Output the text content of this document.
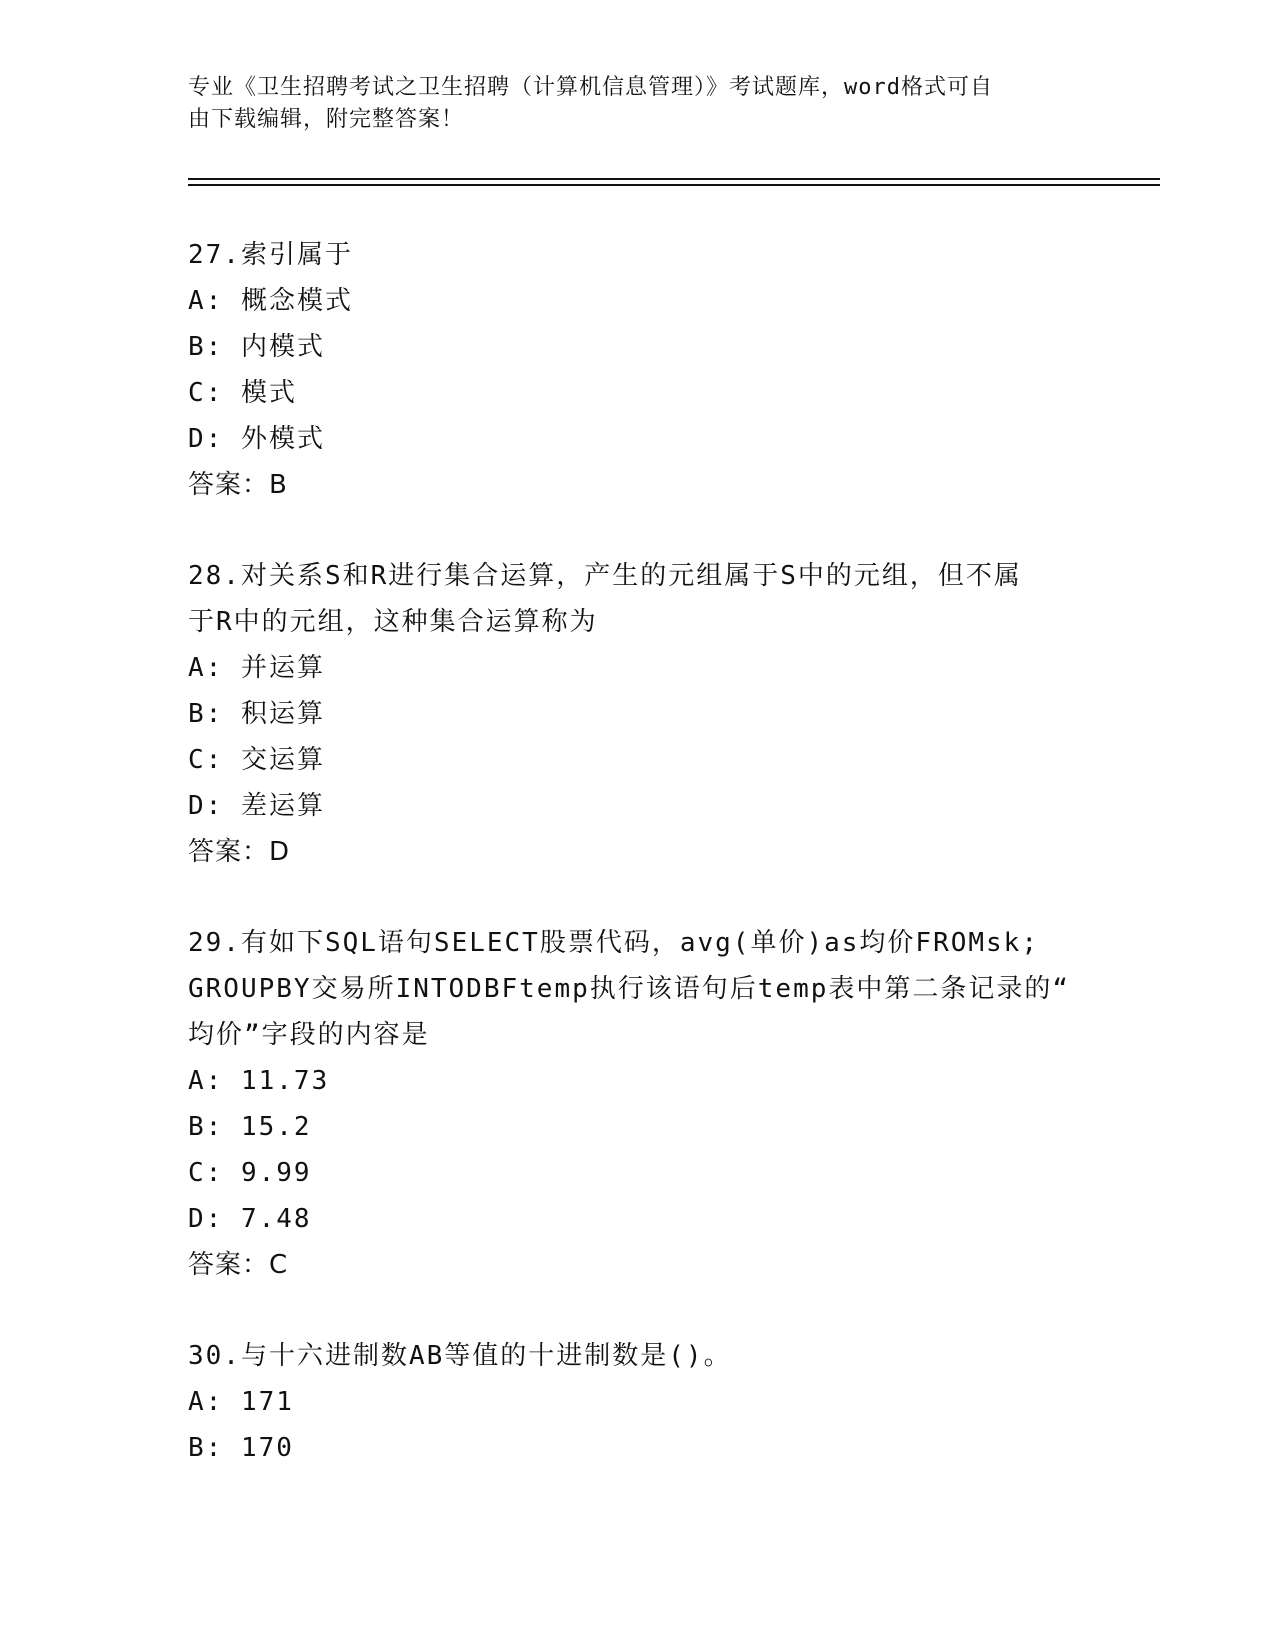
专业《卫生招聘考试之卫生招聘（计算机信息管理）》考试题库，word格式可自
由下载编辑，附完整答案！
27.索引属于
A: 概念模式
B: 内模式
C: 模式
D: 外模式
答案：B
28.对关系S和R进行集合运算，产生的元组属于S中的元组，但不属
于R中的元组，这种集合运算称为
A: 并运算
B: 积运算
C: 交运算
D: 差运算
答案：D
29.有如下SQL语句SELECT股票代码，avg(单价)as均价FROMsk;
GROUPBY交易所INTODBFtemp执行该语句后temp表中第二条记录的“
均价”字段的内容是
A: 11.73
B: 15.2
C: 9.99
D: 7.48
答案：C
30.与十六进制数AB等值的十进制数是()。
A: 171
B: 170
